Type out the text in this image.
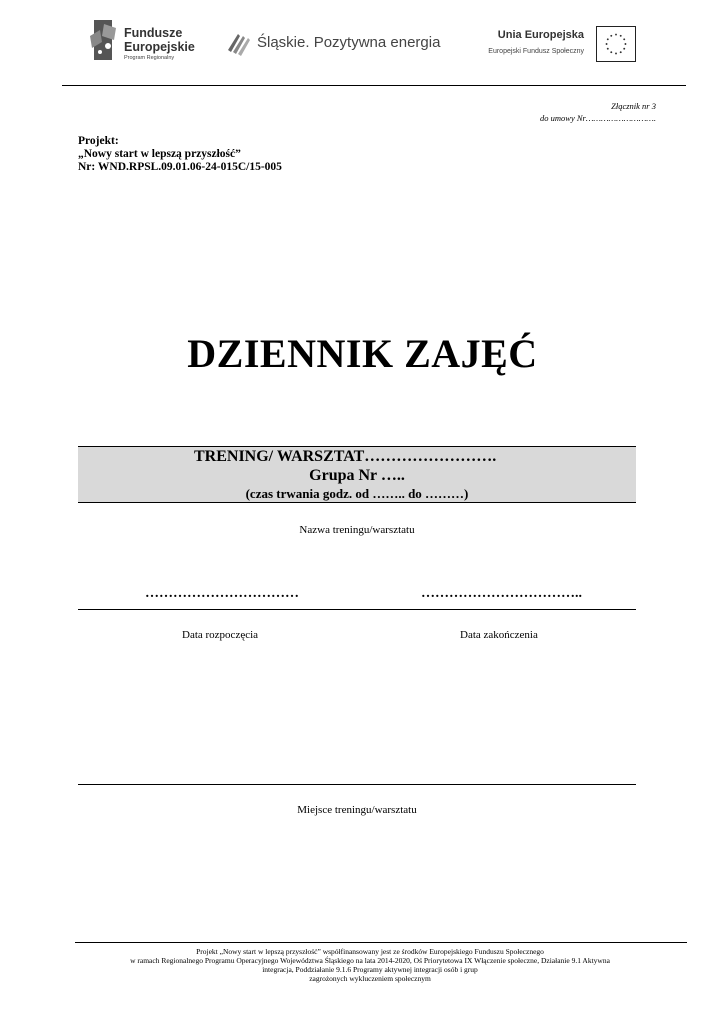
Fundusze
Europejskie
Program Regionalny
Śląskie. Pozytywna energia	Unia Europejska
Europejski Fundusz Społeczny
Złącznik nr 3
do umowy Nr……………………….
Projekt:
„Nowy start w lepszą przyszłość”
Nr: WND.RPSL.09.01.06-24-015C/15-005
DZIENNIK ZAJĘĆ
TRENING/ WARSZTAT…………………….
Grupa Nr …..
(czas trwania godz. od …….. do ………)
Nazwa treningu/warsztatu
……………………………	……………………………..
Data rozpoczęcia	Data zakończenia
Miejsce treningu/warsztatu
Projekt „Nowy start w lepszą przyszłość” współfinansowany jest ze środków Europejskiego Funduszu Społecznego
w ramach Regionalnego Programu Operacyjnego Województwa Śląskiego na lata 2014-2020, Oś Priorytetowa IX Włączenie społeczne, Działanie 9.1 Aktywna
integracja, Poddziałanie 9.1.6 Programy aktywnej integracji osób i grup
zagrożonych wykluczeniem społecznym
